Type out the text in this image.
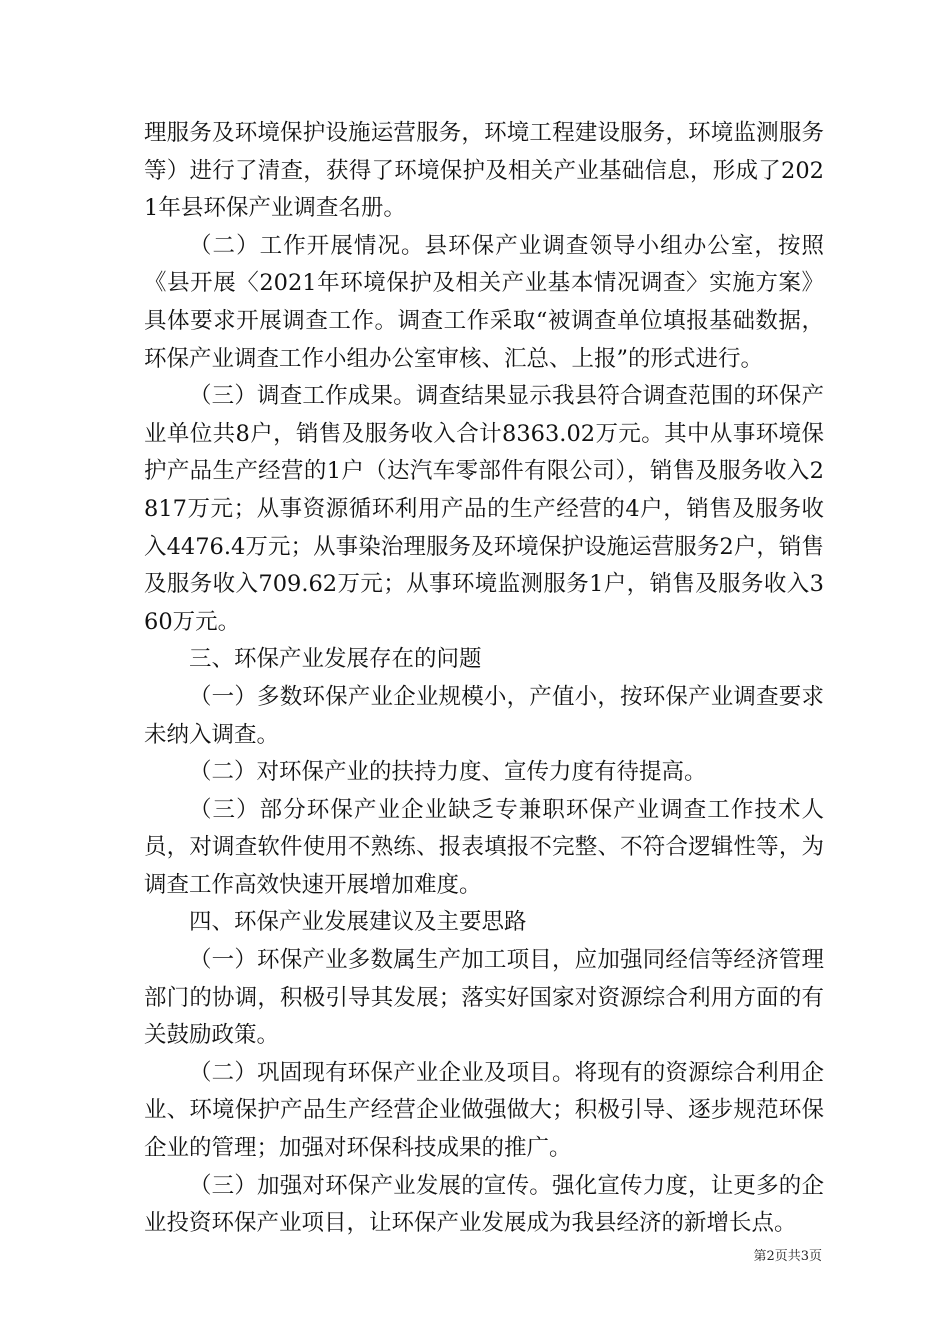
理服务及环境保护设施运营服务，环境工程建设服务，环境监测服务等）进行了清查，获得了环境保护及相关产业基础信息，形成了2021年县环保产业调查名册。

（二）工作开展情况。县环保产业调查领导小组办公室，按照《县开展〈2021年环境保护及相关产业基本情况调查〉实施方案》具体要求开展调查工作。调查工作采取“被调查单位填报基础数据，环保产业调查工作小组办公室审核、汇总、上报”的形式进行。

（三）调查工作成果。调查结果显示我县符合调查范围的环保产业单位共8户，销售及服务收入合计8363.02万元。其中从事环境保护产品生产经营的1户（达汽车零部件有限公司），销售及服务收入2817万元；从事资源循环利用产品的生产经营的4户，销售及服务收入4476.4万元；从事染治理服务及环境保护设施运营服务2户，销售及服务收入709.62万元；从事环境监测服务1户，销售及服务收入360万元。

三、环保产业发展存在的问题

（一）多数环保产业企业规模小，产值小，按环保产业调查要求未纳入调查。

（二）对环保产业的扶持力度、宣传力度有待提高。

（三）部分环保产业企业缺乏专兼职环保产业调查工作技术人员，对调查软件使用不熟练、报表填报不完整、不符合逻辑性等，为调查工作高效快速开展增加难度。

四、环保产业发展建议及主要思路

（一）环保产业多数属生产加工项目，应加强同经信等经济管理部门的协调，积极引导其发展；落实好国家对资源综合利用方面的有关鼓励政策。

（二）巩固现有环保产业企业及项目。将现有的资源综合利用企业、环境保护产品生产经营企业做强做大；积极引导、逐步规范环保企业的管理；加强对环保科技成果的推广。

（三）加强对环保产业发展的宣传。强化宣传力度，让更多的企业投资环保产业项目，让环保产业发展成为我县经济的新增长点。

第2页共3页
